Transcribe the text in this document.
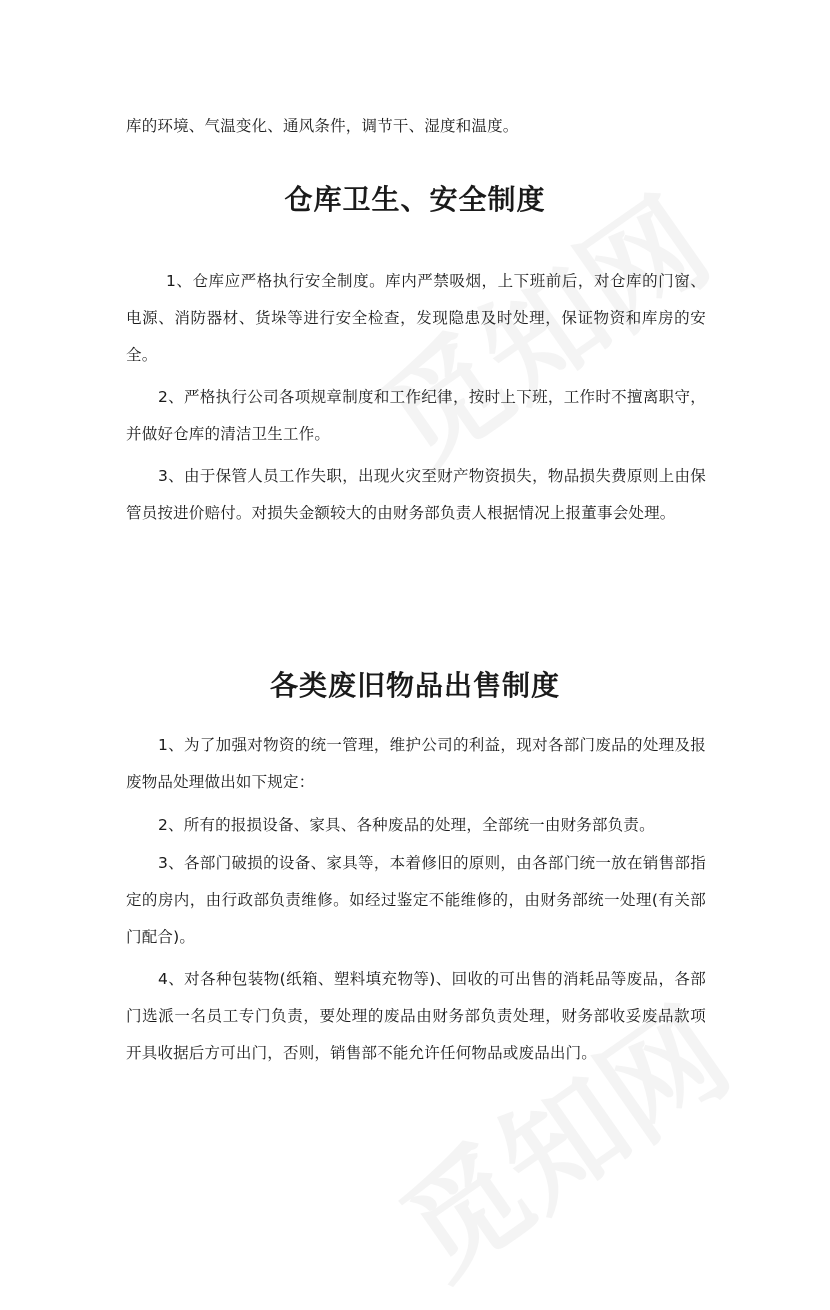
库的环境、气温变化、通风条件，调节干、湿度和温度。

仓库卫生、安全制度

1、仓库应严格执行安全制度。库内严禁吸烟，上下班前后，对仓库的门窗、电源、消防器材、货垛等进行安全检查，发现隐患及时处理，保证物资和库房的安全。

2、严格执行公司各项规章制度和工作纪律，按时上下班，工作时不擅离职守，并做好仓库的清洁卫生工作。

3、由于保管人员工作失职，出现火灾至财产物资损失，物品损失费原则上由保管员按进价赔付。对损失金额较大的由财务部负责人根据情况上报董事会处理。

各类废旧物品出售制度

1、为了加强对物资的统一管理，维护公司的利益，现对各部门废品的处理及报废物品处理做出如下规定：

2、所有的报损设备、家具、各种废品的处理，全部统一由财务部负责。

3、各部门破损的设备、家具等，本着修旧的原则，由各部门统一放在销售部指定的房内，由行政部负责维修。如经过鉴定不能维修的，由财务部统一处理(有关部门配合)。

4、对各种包装物(纸箱、塑料填充物等)、回收的可出售的消耗品等废品，各部门选派一名员工专门负责，要处理的废品由财务部负责处理，财务部收妥废品款项开具收据后方可出门，否则，销售部不能允许任何物品或废品出门。
